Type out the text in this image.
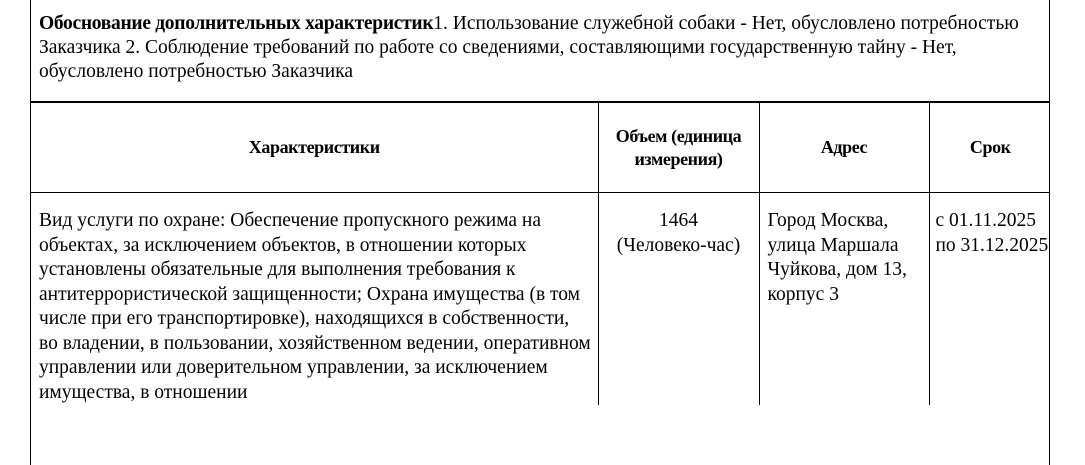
Обоснование дополнительных характеристик1. Использование служебной собаки - Нет, обусловлено потребностью Заказчика 2. Соблюдение требований по работе со сведениями, составляющими государственную тайну - Нет, обусловлено потребностью Заказчика
Характеристики	Объем (единица измерения)	Адрес	Срок
Вид услуги по охране: Обеспечение пропускного режима на объектах, за исключением объектов, в отношении которых установлены обязательные для выполнения требования к антитеррористической защищенности; Охрана имущества (в том числе при его транспортировке), находящихся в собственности, во владении, в пользовании, хозяйственном ведении, оперативном управлении или доверительном управлении, за исключением имущества, в отношении	1464 (Человеко-час)	Город Москва, улица Маршала Чуйкова, дом 13, корпус 3	с 01.11.2025 по 31.12.2025
